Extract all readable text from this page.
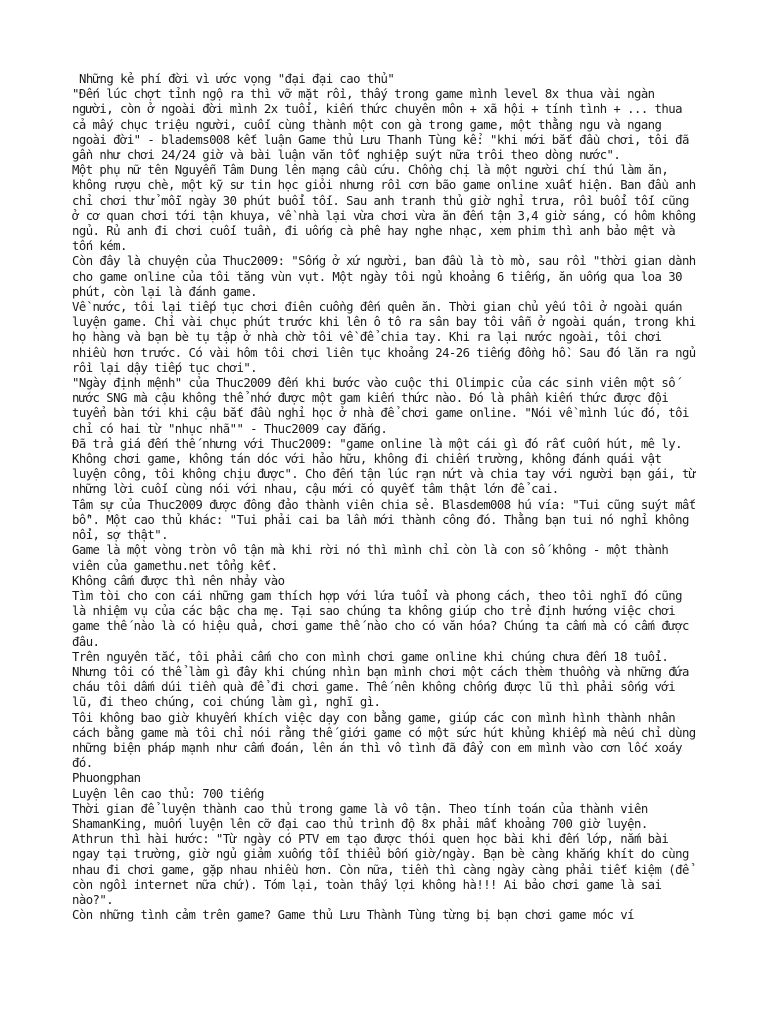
Những kẻ phí đời vì ước vọng "đại đại cao thủ"
"Đến lúc chợt tỉnh ngộ ra thì vỡ mặt rồi, thấy trong game mình level 8x thua vài ngàn người, còn ở ngoài đời mình 2x tuổi, kiến thức chuyên môn + xã hội + tính tình + ... thua cả mấy chục triệu người, cuối cùng thành một con gà trong game, một thằng ngu và ngang ngoài đời" - bladems008 kết luận Game thủ Lưu Thanh Tùng kể: "khi mới bắt đầu chơi, tôi đã gần như chơi 24/24 giờ và bài luận văn tốt nghiệp suýt nữa trôi theo dòng nước".
Một phụ nữ tên Nguyễn Tâm Dung lên mạng cầu cứu. Chồng chị là một người chí thú làm ăn, không rượu chè, một kỹ sư tin học giỏi nhưng rồi cơn bão game online xuất hiện. Ban đầu anh chỉ chơi thử mỗi ngày 30 phút buổi tối. Sau anh tranh thủ giờ nghỉ trưa, rồi buổi tối cũng ở cơ quan chơi tới tận khuya, về nhà lại vừa chơi vừa ăn đến tận 3,4 giờ sáng, có hôm không ngủ. Rủ anh đi chơi cuối tuần, đi uống cà phê hay nghe nhạc, xem phim thì anh bảo mệt và tốn kém.
Còn đây là chuyện của Thuc2009: "Sống ở xứ người, ban đầu là tò mò, sau rồi "thời gian dành cho game online của tôi tăng vùn vụt. Một ngày tôi ngủ khoảng 6 tiếng, ăn uống qua loa 30 phút, còn lại là đánh game.
Về nước, tôi lại tiếp tục chơi điên cuồng đến quên ăn. Thời gian chủ yếu tôi ở ngoài quán luyện game. Chỉ vài chục phút trước khi lên ô tô ra sân bay tôi vẫn ở ngoài quán, trong khi họ hàng và bạn bè tụ tập ở nhà chờ tôi về để chia tay. Khi ra lại nước ngoài, tôi chơi nhiều hơn trước. Có vài hôm tôi chơi liên tục khoảng 24-26 tiếng đồng hồ. Sau đó lăn ra ngủ rồi lại dậy tiếp tục chơi".
"Ngày định mệnh" của Thuc2009 đến khi bước vào cuộc thi Olimpic của các sinh viên một số nước SNG mà cậu không thể nhớ được một gam kiến thức nào. Đó là phần kiến thức được đội tuyển bàn tới khi cậu bắt đầu nghỉ học ở nhà để chơi game online. "Nói về mình lúc đó, tôi chỉ có hai từ "nhục nhã"" - Thuc2009 cay đắng.
Đã trả giá đến thế nhưng với Thuc2009: "game online là một cái gì đó rất cuốn hút, mê ly. Không chơi game, không tán dóc với hảo hữu, không đi chiến trường, không đánh quái vật luyện công, tôi không chịu được". Cho đến tận lúc rạn nứt và chia tay với người bạn gái, từ những lời cuối cùng nói với nhau, cậu mới có quyết tâm thật lớn để cai.
Tâm sự của Thuc2009 được đông đảo thành viên chia sẻ. Blasdem008 hú vía: "Tui cũng suýt mất bồ". Một cao thủ khác: "Tui phải cai ba lần mới thành công đó. Thằng bạn tui nó nghỉ không nổi, sợ thật".
Game là một vòng tròn vô tận mà khi rời nó thì mình chỉ còn là con số không - một thành viên của gamethu.net tổng kết.
Không cấm được thì nên nhảy vào
Tìm tòi cho con cái những gam thích hợp với lứa tuổi và phong cách, theo tôi nghĩ đó cũng là nhiệm vụ của các bậc cha mẹ. Tại sao chúng ta không giúp cho trẻ định hướng việc chơi game thế nào là có hiệu quả, chơi game thế nào cho có văn hóa? Chúng ta cấm mà có cấm được đâu.
Trên nguyên tắc, tôi phải cấm cho con mình chơi game online khi chúng chưa đến 18 tuổi. Nhưng tôi có thể làm gì đây khi chúng nhìn bạn mình chơi một cách thèm thuồng và những đứa cháu tôi dấm dúi tiền quà để đi chơi game. Thế nên không chống được lũ thì phải sống với lũ, đi theo chúng, coi chúng làm gì, nghĩ gì.
Tôi không bao giờ khuyến khích việc dạy con bằng game, giúp các con mình hình thành nhân cách bằng game mà tôi chỉ nói rằng thế giới game có một sức hút khủng khiếp mà nếu chỉ dùng những biện pháp mạnh như cấm đoán, lên án thì vô tình đã đẩy con em mình vào cơn lốc xoáy đó.
Phuongphan
Luyện lên cao thủ: 700 tiếng
Thời gian để luyện thành cao thủ trong game là vô tận. Theo tính toán của thành viên ShamanKing, muốn luyện lên cỡ đại cao thủ trình độ 8x phải mất khoảng 700 giờ luyện.
Athrun thì hài hước: "Từ ngày có PTV em tạo được thói quen học bài khi đến lớp, nắm bài ngay tại trường, giờ ngủ giảm xuống tối thiểu bốn giờ/ngày. Bạn bè càng khắng khít do cùng nhau đi chơi game, gặp nhau nhiều hơn. Còn nữa, tiền thì càng ngày càng phải tiết kiệm (để còn ngồi internet nữa chứ). Tóm lại, toàn thấy lợi không hà!!! Ai bảo chơi game là sai nào?".
Còn những tình cảm trên game? Game thủ Lưu Thành Tùng từng bị bạn chơi game móc ví
